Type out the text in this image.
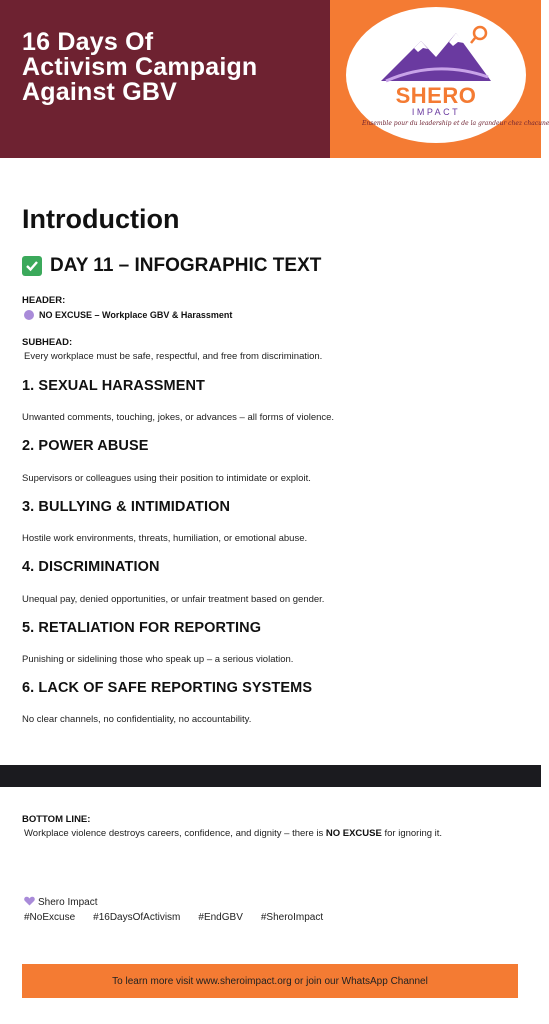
16 Days Of
Activism Campaign
Against GBV	SHERO
IMPACT
Ensemble pour du leadership et de la grandeur chez chacune
Introduction
DAY 11 – INFOGRAPHIC TEXT
HEADER:
NO EXCUSE – Workplace GBV & Harassment
SUBHEAD:
Every workplace must be safe, respectful, and free from discrimination.
1. SEXUAL HARASSMENT
Unwanted comments, touching, jokes, or advances – all forms of violence.
2. POWER ABUSE
Supervisors or colleagues using their position to intimidate or exploit.
3. BULLYING & INTIMIDATION
Hostile work environments, threats, humiliation, or emotional abuse.
4. DISCRIMINATION
Unequal pay, denied opportunities, or unfair treatment based on gender.
5. RETALIATION FOR REPORTING
Punishing or sidelining those who speak up – a serious violation.
6. LACK OF SAFE REPORTING SYSTEMS
No clear channels, no confidentiality, no accountability.
BOTTOM LINE:
Workplace violence destroys careers, confidence, and dignity – there is NO EXCUSE for ignoring it.
Shero Impact
#NoExcuse #16DaysOfActivism #EndGBV #SheroImpact
To learn more visit www.sheroimpact.org or join our WhatsApp Channel
